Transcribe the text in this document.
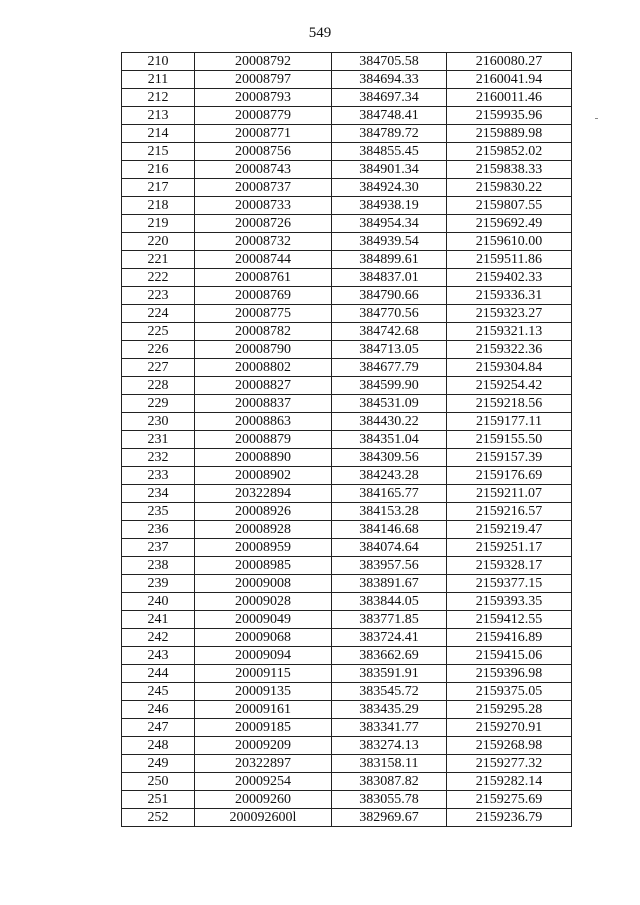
549
210	20008792	384705.58	2160080.27
211	20008797	384694.33	2160041.94
212	20008793	384697.34	2160011.46
213	20008779	384748.41	2159935.96
214	20008771	384789.72	2159889.98
215	20008756	384855.45	2159852.02
216	20008743	384901.34	2159838.33
217	20008737	384924.30	2159830.22
218	20008733	384938.19	2159807.55
219	20008726	384954.34	2159692.49
220	20008732	384939.54	2159610.00
221	20008744	384899.61	2159511.86
222	20008761	384837.01	2159402.33
223	20008769	384790.66	2159336.31
224	20008775	384770.56	2159323.27
225	20008782	384742.68	2159321.13
226	20008790	384713.05	2159322.36
227	20008802	384677.79	2159304.84
228	20008827	384599.90	2159254.42
229	20008837	384531.09	2159218.56
230	20008863	384430.22	2159177.11
231	20008879	384351.04	2159155.50
232	20008890	384309.56	2159157.39
233	20008902	384243.28	2159176.69
234	20322894	384165.77	2159211.07
235	20008926	384153.28	2159216.57
236	20008928	384146.68	2159219.47
237	20008959	384074.64	2159251.17
238	20008985	383957.56	2159328.17
239	20009008	383891.67	2159377.15
240	20009028	383844.05	2159393.35
241	20009049	383771.85	2159412.55
242	20009068	383724.41	2159416.89
243	20009094	383662.69	2159415.06
244	20009115	383591.91	2159396.98
245	20009135	383545.72	2159375.05
246	20009161	383435.29	2159295.28
247	20009185	383341.77	2159270.91
248	20009209	383274.13	2159268.98
249	20322897	383158.11	2159277.32
250	20009254	383087.82	2159282.14
251	20009260	383055.78	2159275.69
252	200092600l	382969.67	2159236.79
